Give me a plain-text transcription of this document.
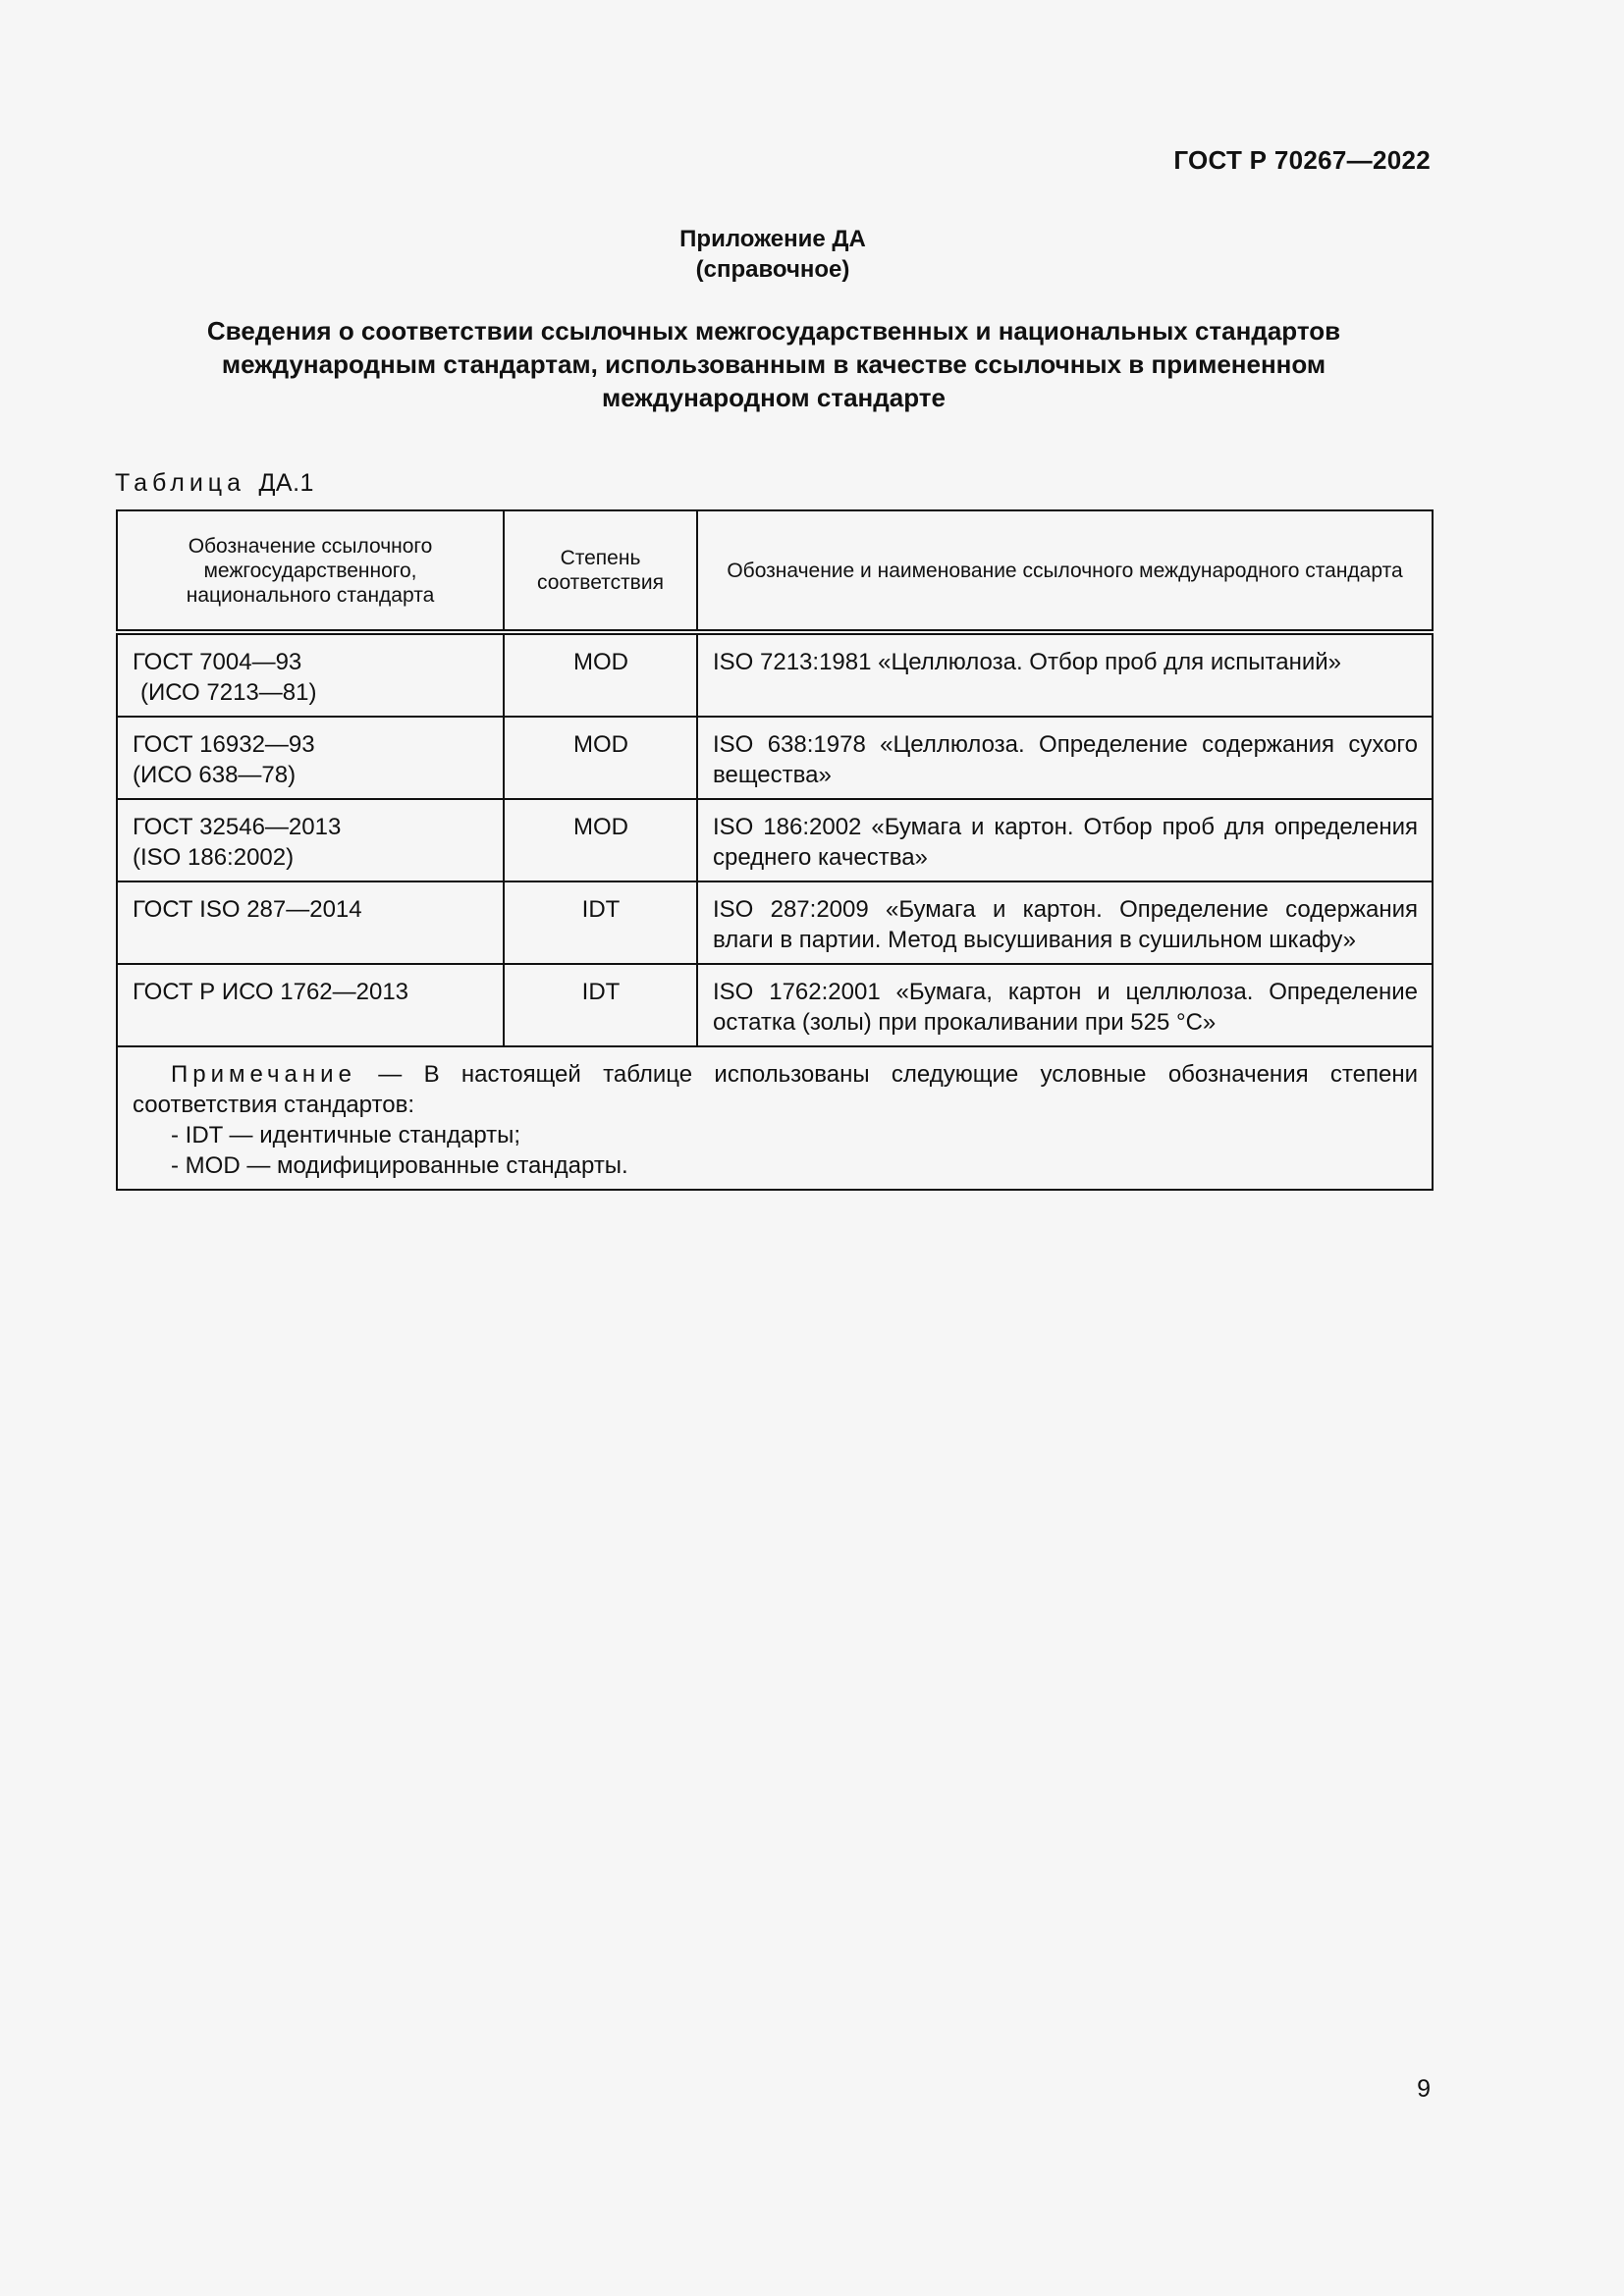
ГОСТ Р 70267—2022
Приложение ДА
(справочное)
Сведения о соответствии ссылочных межгосударственных и национальных стандартов
международным стандартам, использованным в качестве ссылочных в примененном
международном стандарте
Таблица ДА.1
Обозначение ссылочного межгосударственного, национального стандарта	Степень соответствия	Обозначение и наименование ссылочного международного стандарта

ГОСТ 7004—93
(ИСО 7213—81)	MOD	ISO 7213:1981 «Целлюлоза. Отбор проб для испытаний»

ГОСТ 16932—93
(ИСО 638—78)	MOD	ISO 638:1978 «Целлюлоза. Определение содержания сухого вещества»

ГОСТ 32546—2013
(ISO 186:2002)	MOD	ISO 186:2002 «Бумага и картон. Отбор проб для определения среднего качества»

ГОСТ ISO 287—2014	IDT	ISO 287:2009 «Бумага и картон. Определение содержания влаги в партии. Метод высушивания в сушильном шкафу»

ГОСТ Р ИСО 1762—2013	IDT	ISO 1762:2001 «Бумага, картон и целлюлоза. Определение остатка (золы) при прокаливании при 525 °С»
Примечание — В настоящей таблице использованы следующие условные обозначения степени соответствия стандартов:
- IDT — идентичные стандарты;
- MOD — модифицированные стандарты.		
9
